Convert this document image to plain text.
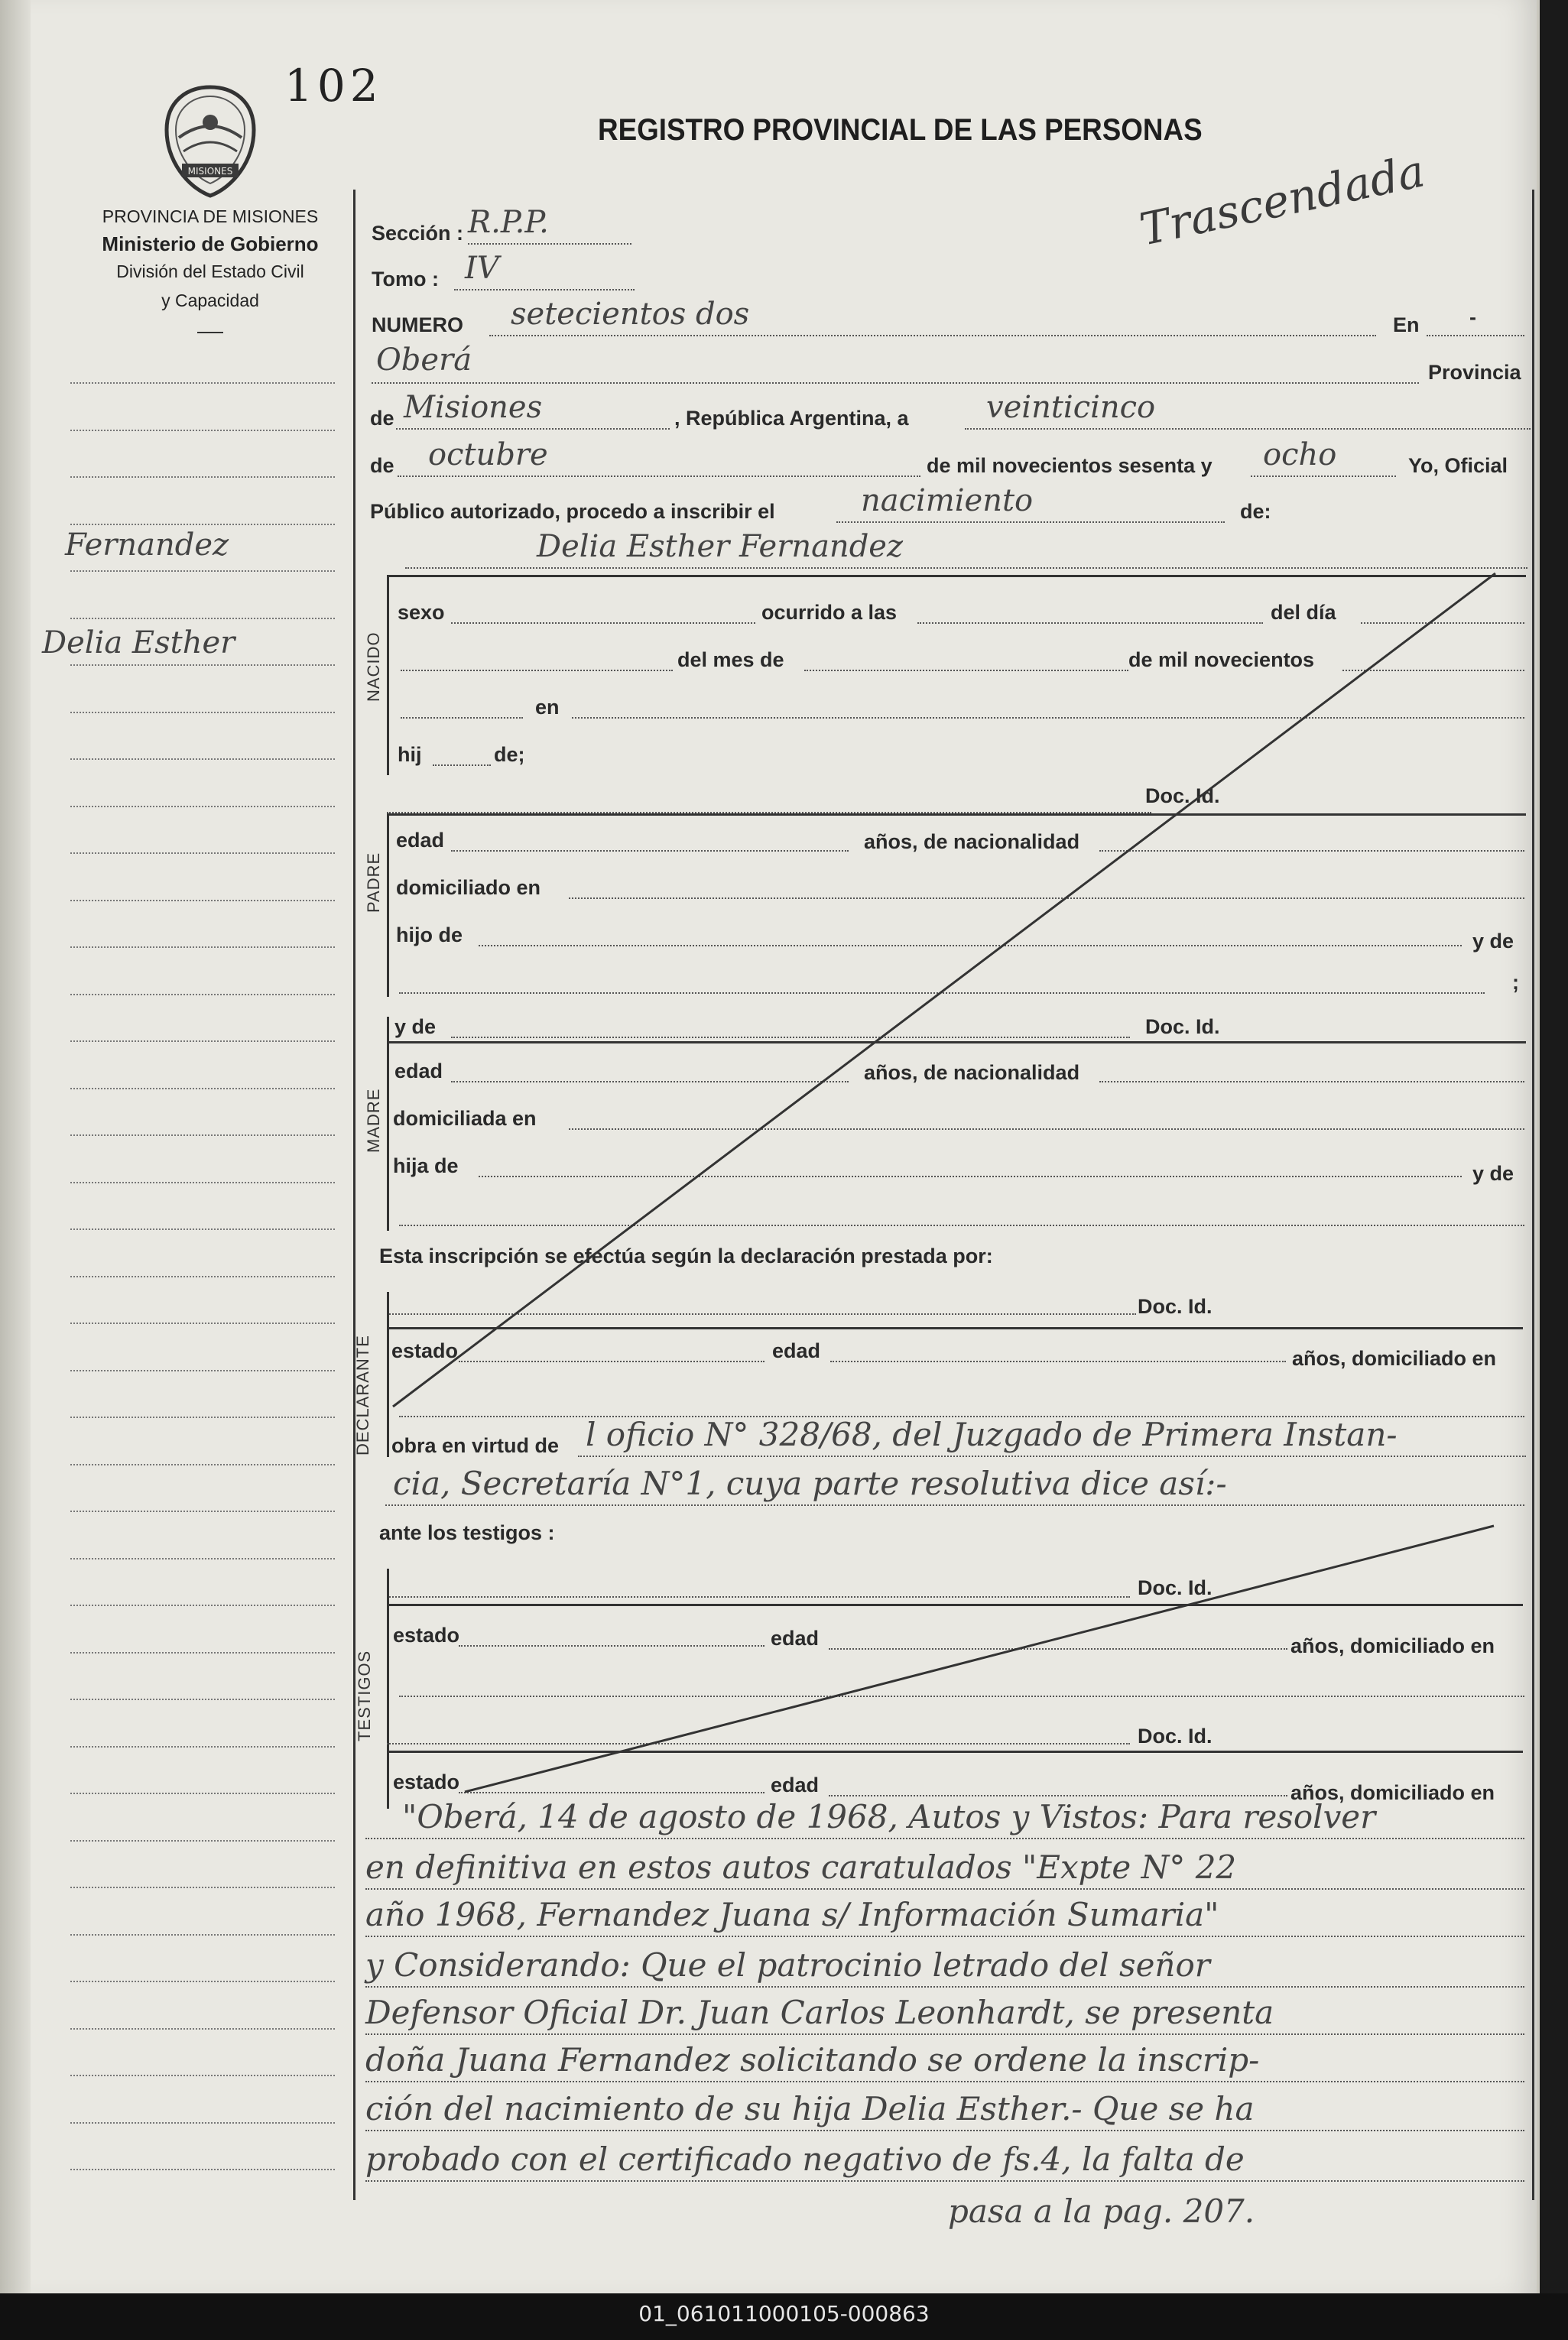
102
MISIONES
REGISTRO PROVINCIAL DE LAS PERSONAS
Trascendada
PROVINCIA DE MISIONES
Ministerio de Gobierno
División del Estado Civil
y Capacidad
Fernandez
Delia Esther
Sección : R.P.P.
Tomo : IV
NUMERO setecientos dos	En -
Oberá	Provincia
de Misiones	, República Argentina, a	veinticinco
de octubre	de mil novecientos sesenta y ocho	Yo, Oficial
Público autorizado, procedo a inscribir el	nacimiento	de:
Delia Esther Fernandez
NACIDO
sexo	ocurrido a las	del día
del mes de	de mil novecientos
en
hij	de;
Doc. Id.
PADRE
edad	años, de nacionalidad
domiciliado en
hijo de	y de
;
y de	Doc. Id.
MADRE
edad	años, de nacionalidad
domiciliada en
hija de	y de
Esta inscripción se efectúa según la declaración prestada por:
Doc. Id.
DECLARANTE estado	edad	años, domiciliado en
obra en virtud de l oficio N° 328/68, del Juzgado de Primera Instan-
cia, Secretaría N°1, cuya parte resolutiva dice así:-
ante los testigos :
Doc. Id.
TESTIGOS
estado	edad	años, domiciliado en
Doc. Id.
estado	edad	años, domiciliado en
"Oberá, 14 de agosto de 1968, Autos y Vistos: Para resolver
en definitiva en estos autos caratulados "Expte N° 22
año 1968, Fernandez Juana s/ Información Sumaria"
y Considerando: Que el patrocinio letrado del señor
Defensor Oficial Dr. Juan Carlos Leonhardt, se presenta
doña Juana Fernandez solicitando se ordene la inscrip-
ción del nacimiento de su hija Delia Esther.- Que se ha
probado con el certificado negativo de fs.4, la falta de
pasa a la pag. 207.
01_061011000105-000863
